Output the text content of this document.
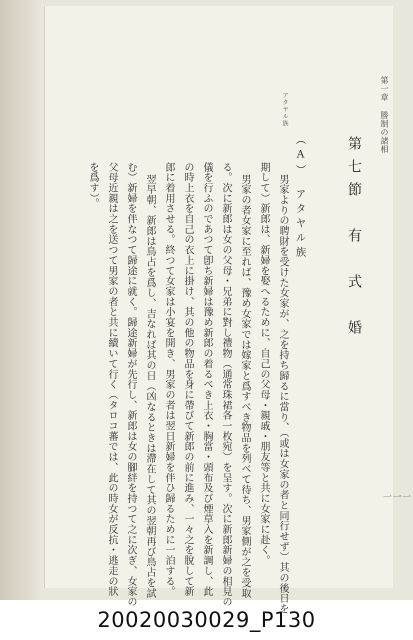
第一章 勝制の諸相
一一一
第七節　有　式　婚
（A）　アタヤル族
アタヤル族
男家よりの聘財を受けた女家が、之を持ち歸るに當り、（或は女家の者と同行せず）其の後日を
期して）新郎は、新婦を娶へるために、自己の父母・親戚・朋友等と共に女家に赴く。
男家の者女家に至れば、豫め女家では嫁家と爲すべき物品を列べて待ち、男家側が之を受取
る。次に新郎は女の父母・兄弟に對し禮物（通常珠裙各一枚宛）を呈す。次に新郎新婦の相見の
儀を行ふのであつて卽ち新婦は豫め新郎の着るべき上衣・胸當・頭布及び煙草入を新調し、此
の時上衣を自己の衣上に掛け、其の他の物品を身に帶びて新郎の前に進み、一々之を脫して新
郎に着用させる。終つて女家は小宴を開き、男家の者は翌日新婦を伴ひ歸るために一泊する。
翌早朝、新郎は鳥占を爲し、吉なれば其の日（凶なるときは滯在して其の翌朝再び鳥占を試
む）新婦を伴なつて歸途に就く。歸途新婦が先行し、新郎は女の腳絆を持つて之に次ぎ、女家の
父母近親は之を送つて男家の者と共に續いて行く（タロコ蕃では、此の時女が反抗・逃走の狀
を爲す）。
20020030029_P130
